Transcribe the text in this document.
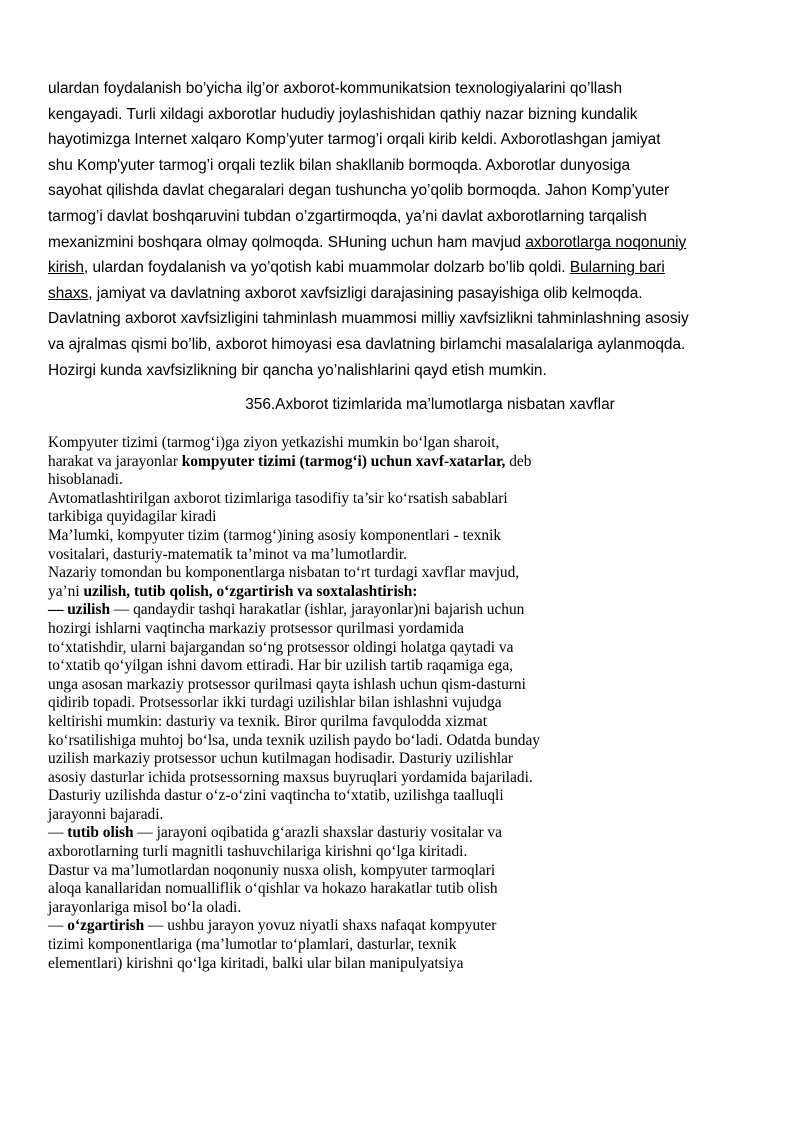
ulardan foydalanish bo’yicha ilg’or axborot-kommunikatsion texnologiyalarini qo’llash
kengayadi. Turli xildagi axborotlar hududiy joylashishidan qathiy nazar bizning kundalik
hayotimizga Internet xalqaro Komp’yuter tarmog’i orqali kirib keldi. Axborotlashgan jamiyat
shu Komp'yuter tarmog’i orqali tezlik bilan shakllanib bormoqda. Axborotlar dunyosiga
sayohat qilishda davlat chegaralari degan tushuncha yo’qolib bormoqda. Jahon Komp’yuter
tarmog’i davlat boshqaruvini tubdan o’zgartirmoqda, ya’ni davlat axborotlarning tarqalish
mexanizmini boshqara olmay qolmoqda. SHuning uchun ham mavjud axborotlarga noqonuniy
kirish, ulardan foydalanish va yo’qotish kabi muammolar dolzarb bo’lib qoldi. Bularning bari
shaxs, jamiyat va davlatning axborot xavfsizligi darajasining pasayishiga olib kelmoqda.
Davlatning axborot xavfsizligini tahminlash muammosi milliy xavfsizlikni tahminlashning asosiy
va ajralmas qismi bo’lib, axborot himoyasi esa davlatning birlamchi masalalariga aylanmoqda.
Hozirgi kunda xavfsizlikning bir qancha yo’nalishlarini qayd etish mumkin.
356.Axborot tizimlarida ma’lumotlarga nisbatan xavflar
Kompyuter tizimi (tarmog‘i)ga ziyon yetkazishi mumkin bo‘lgan sharoit,
harakat va jarayonlar kompyuter tizimi (tarmog‘i) uchun xavf-xatarlar, deb
hisoblanadi.
Avtomatlashtirilgan axborot tizimlariga tasodifiy ta’sir ko‘rsatish sabablari
tarkibiga quyidagilar kiradi
Ma’lumki, kompyuter tizim (tarmog‘)ining asosiy komponentlari - texnik
vositalari, dasturiy-matematik ta’minot va ma’lumotlardir.
Nazariy tomondan bu komponentlarga nisbatan to‘rt turdagi xavflar mavjud,
ya’ni uzilish, tutib qolish, o‘zgartirish va soxtalashtirish:
— uzilish — qandaydir tashqi harakatlar (ishlar, jarayonlar)ni bajarish uchun
hozirgi ishlarni vaqtincha markaziy protsessor qurilmasi yordamida
to‘xtatishdir, ularni bajargandan so‘ng protsessor oldingi holatga qaytadi va
to‘xtatib qo‘yilgan ishni davom ettiradi. Har bir uzilish tartib raqamiga ega,
unga asosan markaziy protsessor qurilmasi qayta ishlash uchun qism-dasturni
qidirib topadi. Protsessorlar ikki turdagi uzilishlar bilan ishlashni vujudga
keltirishi mumkin: dasturiy va texnik. Biror qurilma favqulodda xizmat
ko‘rsatilishiga muhtoj bo‘lsa, unda texnik uzilish paydo bo‘ladi. Odatda bunday
uzilish markaziy protsessor uchun kutilmagan hodisadir. Dasturiy uzilishlar
asosiy dasturlar ichida protsessorning maxsus buyruqlari yordamida bajariladi.
Dasturiy uzilishda dastur o‘z-o‘zini vaqtincha to‘xtatib, uzilishga taalluqli
jarayonni bajaradi.
— tutib olish — jarayoni oqibatida g‘arazli shaxslar dasturiy vositalar va
axborotlarning turli magnitli tashuvchilariga kirishni qo‘lga kiritadi.
Dastur va ma’lumotlardan noqonuniy nusxa olish, kompyuter tarmoqlari
aloqa kanallaridan nomualliflik o‘qishlar va hokazo harakatlar tutib olish
jarayonlariga misol bo‘la oladi.
— o‘zgartirish — ushbu jarayon yovuz niyatli shaxs nafaqat kompyuter
tizimi komponentlariga (ma’lumotlar to‘plamlari, dasturlar, texnik
elementlari) kirishni qo‘lga kiritadi, balki ular bilan manipulyatsiya
